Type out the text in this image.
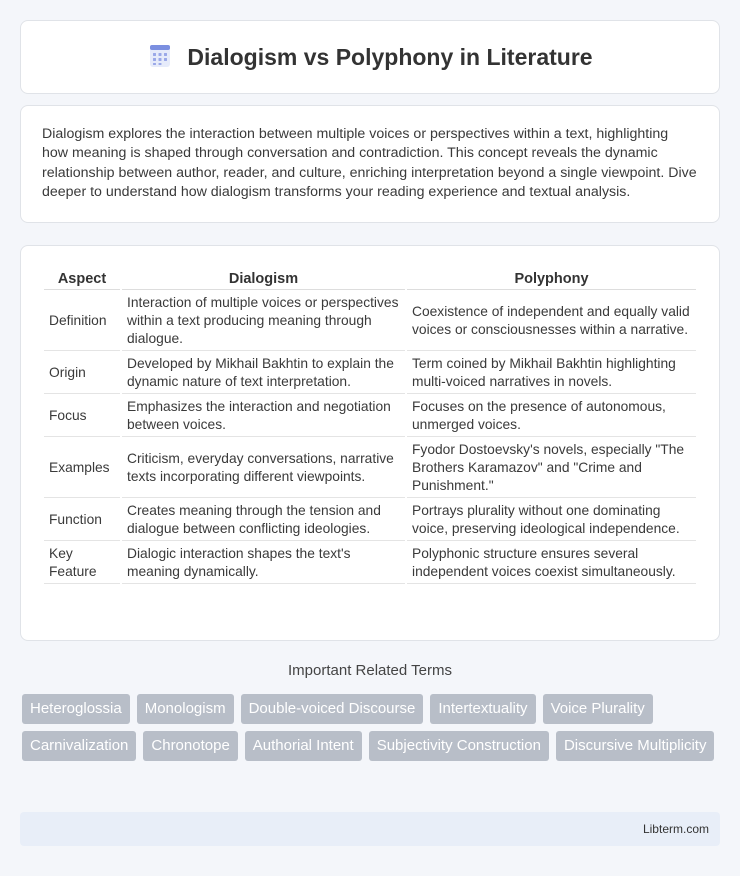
Dialogism vs Polyphony in Literature

Dialogism explores the interaction between multiple voices or perspectives within a text, highlighting how meaning is shaped through conversation and contradiction. This concept reveals the dynamic relationship between author, reader, and culture, enriching interpretation beyond a single viewpoint. Dive deeper to understand how dialogism transforms your reading experience and textual analysis.

Aspect	Dialogism	Polyphony
Definition	Interaction of multiple voices or perspectives within a text producing meaning through dialogue.	Coexistence of independent and equally valid voices or consciousnesses within a narrative.
Origin	Developed by Mikhail Bakhtin to explain the dynamic nature of text interpretation.	Term coined by Mikhail Bakhtin highlighting multi-voiced narratives in novels.
Focus	Emphasizes the interaction and negotiation between voices.	Focuses on the presence of autonomous, unmerged voices.
Examples	Criticism, everyday conversations, narrative texts incorporating different viewpoints.	Fyodor Dostoevsky's novels, especially "The Brothers Karamazov" and "Crime and Punishment."
Function	Creates meaning through the tension and dialogue between conflicting ideologies.	Portrays plurality without one dominating voice, preserving ideological independence.
Key Feature	Dialogic interaction shapes the text's meaning dynamically.	Polyphonic structure ensures several independent voices coexist simultaneously.
Important Related Terms
Heteroglossia	Monologism	Double-voiced Discourse	Intertextuality	Voice Plurality
Carnivalization	Chronotope	Authorial Intent	Subjectivity Construction	Discursive Multiplicity
Libterm.com
